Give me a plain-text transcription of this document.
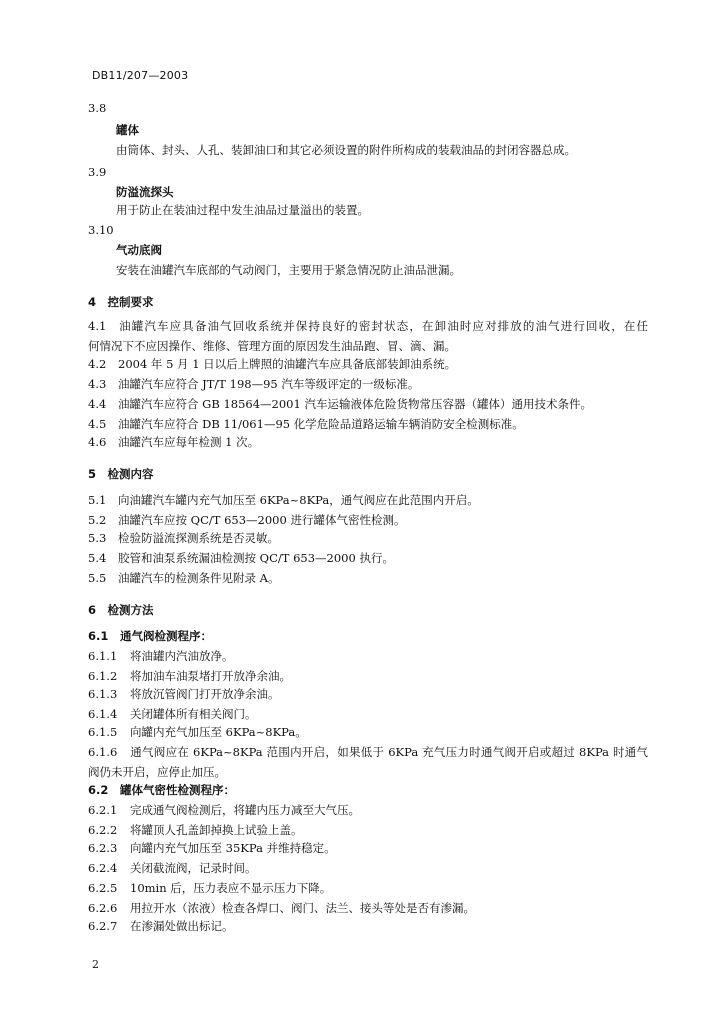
DB11/207—2003
3.8
罐体
由筒体、封头、人孔、装卸油口和其它必须设置的附件所构成的装载油品的封闭容器总成。
3.9
防溢流探头
用于防止在装油过程中发生油品过量溢出的装置。
3.10
气动底阀
安装在油罐汽车底部的气动阀门，主要用于紧急情况防止油品泄漏。
4　控制要求
4.1 油罐汽车应具备油气回收系统并保持良好的密封状态，在卸油时应对排放的油气进行回收，在任
何情况下不应因操作、维修、管理方面的原因发生油品跑、冒、滴、漏。
4.2 2004 年 5 月 1 日以后上牌照的油罐汽车应具备底部装卸油系统。
4.3 油罐汽车应符合 JT/T 198—95 汽车等级评定的一级标准。
4.4 油罐汽车应符合 GB 18564—2001 汽车运输液体危险货物常压容器（罐体）通用技术条件。
4.5 油罐汽车应符合 DB 11/061—95 化学危险品道路运输车辆消防安全检测标准。
4.6 油罐汽车应每年检测 1 次。
5　检测内容
5.1 向油罐汽车罐内充气加压至 6KPa~8KPa，通气阀应在此范围内开启。
5.2 油罐汽车应按 QC/T 653—2000 进行罐体气密性检测。
5.3 检验防溢流探测系统是否灵敏。
5.4 胶管和油泵系统漏油检测按 QC/T 653—2000 执行。
5.5 油罐汽车的检测条件见附录 A。
6　检测方法
6.1 通气阀检测程序：
6.1.1 将油罐内汽油放净。
6.1.2 将加油车油泵堵打开放净余油。
6.1.3 将放沉管阀门打开放净余油。
6.1.4 关闭罐体所有相关阀门。
6.1.5 向罐内充气加压至 6KPa~8KPa。
6.1.6 通气阀应在 6KPa~8KPa 范围内开启，如果低于 6KPa 充气压力时通气阀开启或超过 8KPa 时通气
阀仍未开启，应停止加压。
6.2 罐体气密性检测程序：
6.2.1 完成通气阀检测后，将罐内压力减至大气压。
6.2.2 将罐顶人孔盖卸掉换上试验上盖。
6.2.3 向罐内充气加压至 35KPa 并维持稳定。
6.2.4 关闭截流阀，记录时间。
6.2.5 10min 后，压力表应不显示压力下降。
6.2.6 用拉开水（浓液）检查各焊口、阀门、法兰、接头等处是否有渗漏。
6.2.7 在渗漏处做出标记。
2
